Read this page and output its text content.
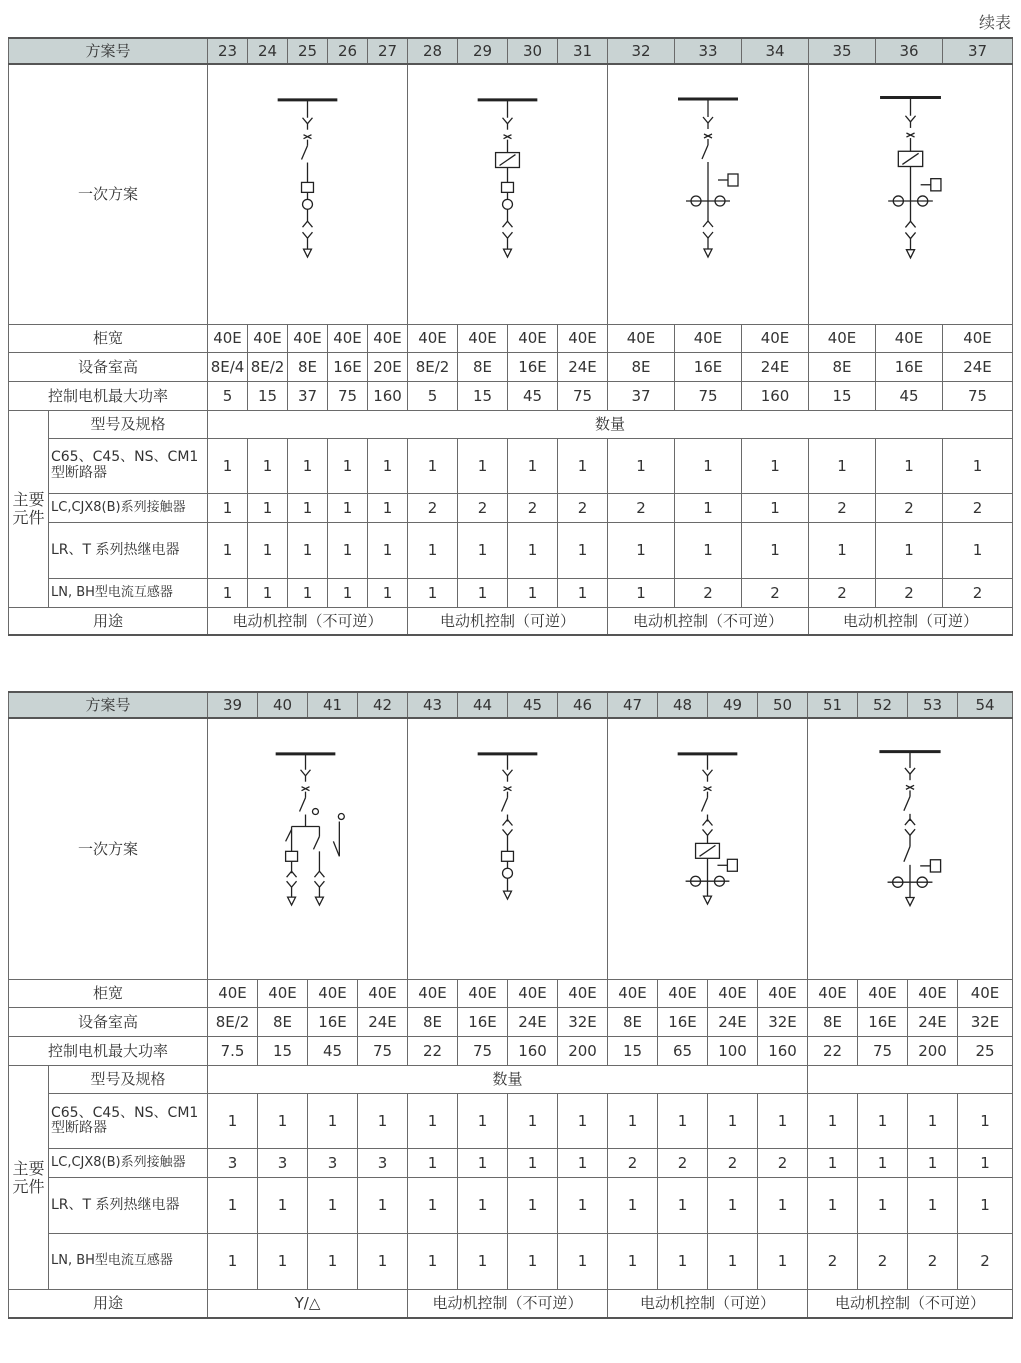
续表
方案号		23	24	25	26	27	28	29	30	31	32	33	34	35	36	37
一次方案	

柜宽		40E	40E	40E	40E	40E	40E	40E	40E	40E	40E	40E	40E	40E	40E	40E
设备室高		8E/4	8E/2	8E	16E	20E	8E/2	8E	16E	24E	8E	16E	24E	8E	16E	24E
控制电机最大功率		5	15	37	75	160	5	15	45	75	37	75	160	15	45	75
主要元件	型号及规格	数量														
	C65、C45、NS、CM1型断路器	1	1	1	1	1	1	1	1	1	1	1	1	1	1	1
	LC,CJX8(B)系列接触器	1	1	1	1	1	2	2	2	2	2	1	1	2	2	2
	LR、T 系列热继电器	1	1	1	1	1	1	1	1	1	1	1	1	1	1	1
	LN, BH型电流互感器	1	1	1	1	1	1	1	1	1	1	2	2	2	2	2
用途		电动机控制（不可逆）					电动机控制（可逆）				电动机控制（不可逆）			电动机控制（可逆）		
方案号		39	40	41	42	43	44	45	46	47	48	49	50	51	52	53	54
一次方案	

柜宽		40E	40E	40E	40E	40E	40E	40E	40E	40E	40E	40E	40E	40E	40E	40E	40E
设备室高		8E/2	8E	16E	24E	8E	16E	24E	32E	8E	16E	24E	32E	8E	16E	24E	32E
控制电机最大功率		7.5	15	45	75	22	75	160	200	15	65	100	160	22	75	200	25
主要元件	型号及规格	数量															
	C65、C45、NS、CM1型断路器	1	1	1	1	1	1	1	1	1	1	1	1	1	1	1	1
	LC,CJX8(B)系列接触器	3	3	3	3	1	1	1	1	2	2	2	2	1	1	1	1
	LR、T 系列热继电器	1	1	1	1	1	1	1	1	1	1	1	1	1	1	1	1
	LN, BH型电流互感器	1	1	1	1	1	1	1	1	1	1	1	1	2	2	2	2
用途		Y/△				电动机控制（不可逆）				电动机控制（可逆）				电动机控制（不可逆）			
